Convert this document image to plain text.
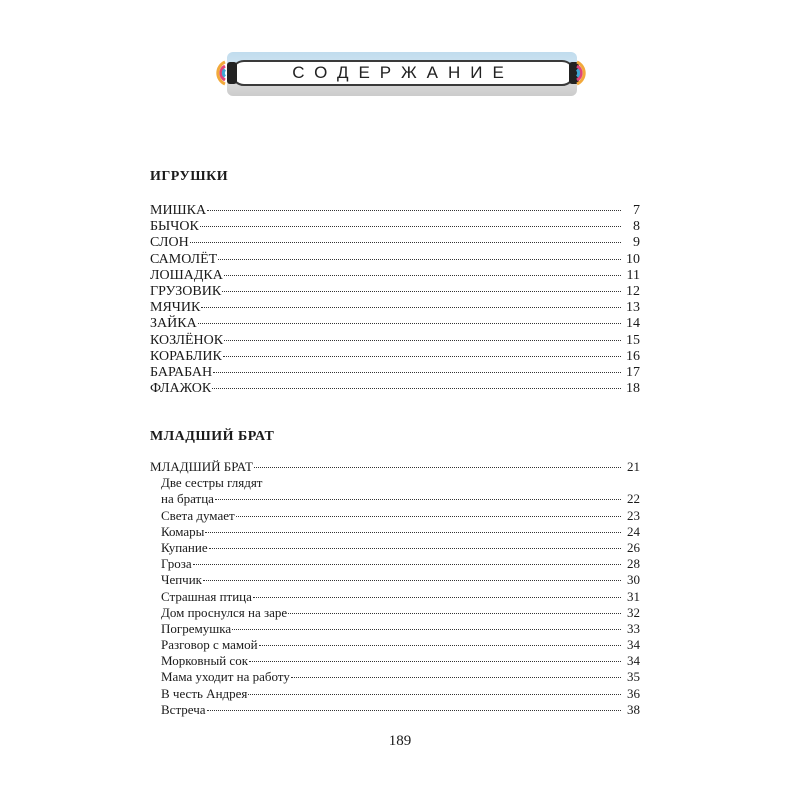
СОДЕРЖАНИЕ
ИГРУШКИ
МИШКА	7
БЫЧОК	8
СЛОН	9
САМОЛЁТ	10
ЛОШАДКА	11
ГРУЗОВИК	12
МЯЧИК	13
ЗАЙКА	14
КОЗЛЁНОК	15
КОРАБЛИК	16
БАРАБАН	17
ФЛАЖОК	18
МЛАДШИЙ БРАТ
МЛАДШИЙ БРАТ	21
Две сестры глядят
на братца	22
Света думает	23
Комары	24
Купание	26
Гроза	28
Чепчик	30
Страшная птица	31
Дом проснулся на заре	32
Погремушка	33
Разговор с мамой	34
Морковный сок	34
Мама уходит на работу	35
В честь Андрея	36
Встреча	38
189
